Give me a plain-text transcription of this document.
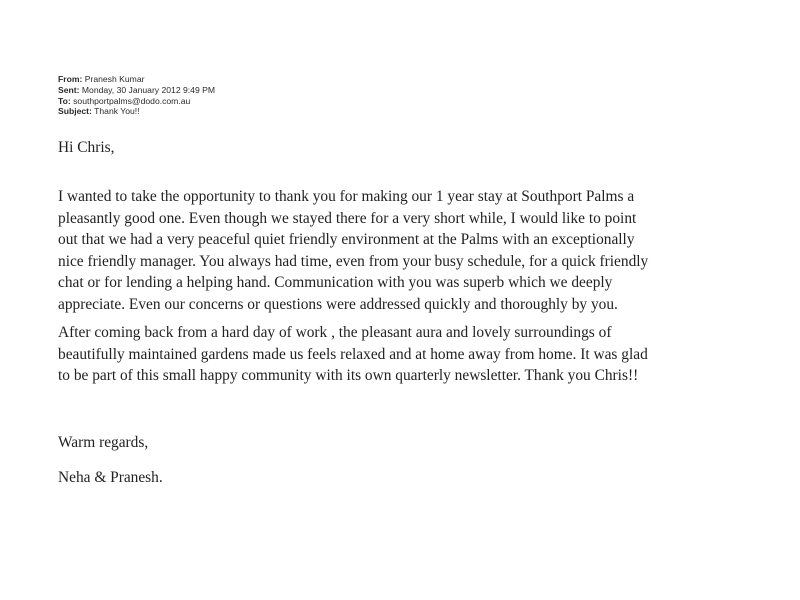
From: Pranesh Kumar
Sent: Monday, 30 January 2012 9:49 PM
To: southportpalms@dodo.com.au
Subject: Thank You!!

Hi Chris,

I wanted to take the opportunity to thank you for making our 1 year stay at Southport Palms a
pleasantly good one. Even though we stayed there for a very short while, I would like to point
out that we had a very peaceful quiet friendly environment at the Palms with an exceptionally
nice friendly manager. You always had time, even from your busy schedule, for a quick friendly
chat or for lending a helping hand. Communication with you was superb which we deeply
appreciate. Even our concerns or questions were addressed quickly and thoroughly by you.

After coming back from a hard day of work , the pleasant aura and lovely surroundings of
beautifully maintained gardens made us feels relaxed and at home away from home. It was glad
to be part of this small happy community with its own quarterly newsletter. Thank you Chris!!

Warm regards,

Neha & Pranesh.
